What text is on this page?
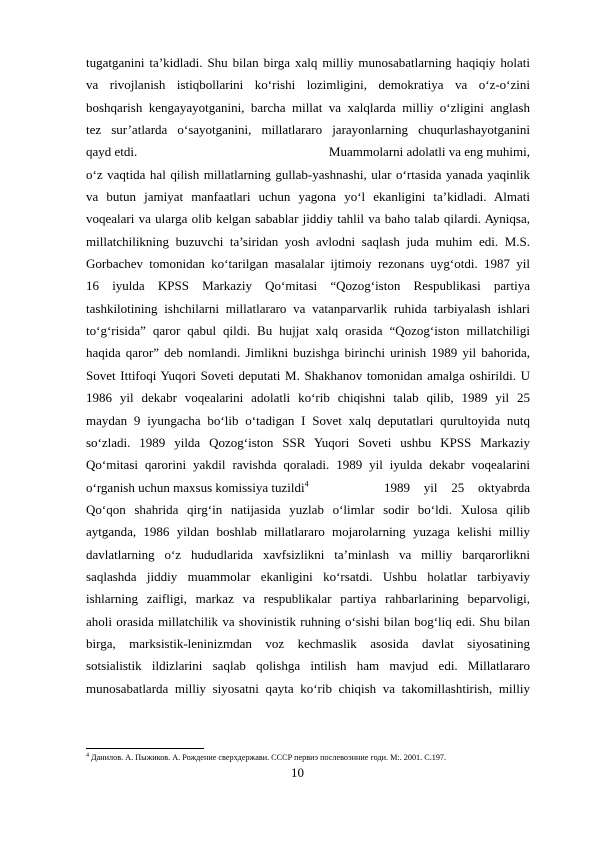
tugatganini ta’kidladi. Shu bilan birga xalq milliy munosabatlarning haqiqiy holati
va rivojlanish istiqbollarini ko‘rishi lozimligini, demokratiya va o‘z-o‘zini
boshqarish kengayayotganini, barcha millat va xalqlarda milliy o‘zligini anglash
tez sur’atlarda o‘sayotganini, millatlararo jarayonlarning chuqurlashayotganini
qayd etdi.	Muammolarni adolatli va eng muhimi,
o‘z vaqtida hal qilish millatlarning gullab-yashnashi, ular o‘rtasida yanada yaqinlik
va butun jamiyat manfaatlari uchun yagona yo‘l ekanligini ta’kidladi. Almati
voqealari va ularga olib kelgan sabablar jiddiy tahlil va baho talab qilardi. Ayniqsa,
millatchilikning buzuvchi ta’siridan yosh avlodni saqlash juda muhim edi. M.S.
Gorbachev tomonidan ko‘tarilgan masalalar ijtimoiy rezonans uyg‘otdi. 1987 yil
16 iyulda KPSS Markaziy Qo‘mitasi “Qozog‘iston Respublikasi partiya
tashkilotining ishchilarni millatlararo va vatanparvarlik ruhida tarbiyalash ishlari
to‘g‘risida” qaror qabul qildi. Bu hujjat xalq orasida “Qozog‘iston millatchiligi
haqida qaror” deb nomlandi. Jimlikni buzishga birinchi urinish 1989 yil bahorida,
Sovet Ittifoqi Yuqori Soveti deputati M. Shakhanov tomonidan amalga oshirildi. U
1986 yil dekabr voqealarini adolatli ko‘rib chiqishni talab qilib, 1989 yil 25
maydan 9 iyungacha bo‘lib o‘tadigan I Sovet xalq deputatlari qurultoyida nutq
so‘zladi. 1989 yilda Qozog‘iston SSR Yuqori Soveti ushbu KPSS Markaziy
Qo‘mitasi qarorini yakdil ravishda qoraladi. 1989 yil iyulda dekabr voqealarini
o‘rganish uchun maxsus komissiya tuzildi$^4$	1989 yil 25 oktyabrda
Qo‘qon shahrida qirg‘in natijasida yuzlab o‘limlar sodir bo‘ldi. Xulosa qilib
aytganda, 1986 yildan boshlab millatlararo mojarolarning yuzaga kelishi milliy
davlatlarning o‘z hududlarida xavfsizlikni ta’minlash va milliy barqarorlikni
saqlashda jiddiy muammolar ekanligini ko‘rsatdi. Ushbu holatlar tarbiyaviy
ishlarning zaifligi, markaz va respublikalar partiya rahbarlarining beparvoligi,
aholi orasida millatchilik va shovinistik ruhning o‘sishi bilan bog‘liq edi. Shu bilan
birga, marksistik-leninizmdan voz kechmaslik asosida davlat siyosatining
sotsialistik ildizlarini saqlab qolishga intilish ham mavjud edi. Millatlararo
munosabatlarda milliy siyosatni qayta ko‘rib chiqish va takomillashtirish, milliy
$^4$ Данилов. А. Пыжиков. А. Рождение сверхдержави. СССР первиэ послевоэнние годи. М:. 2001. С.197.
10
